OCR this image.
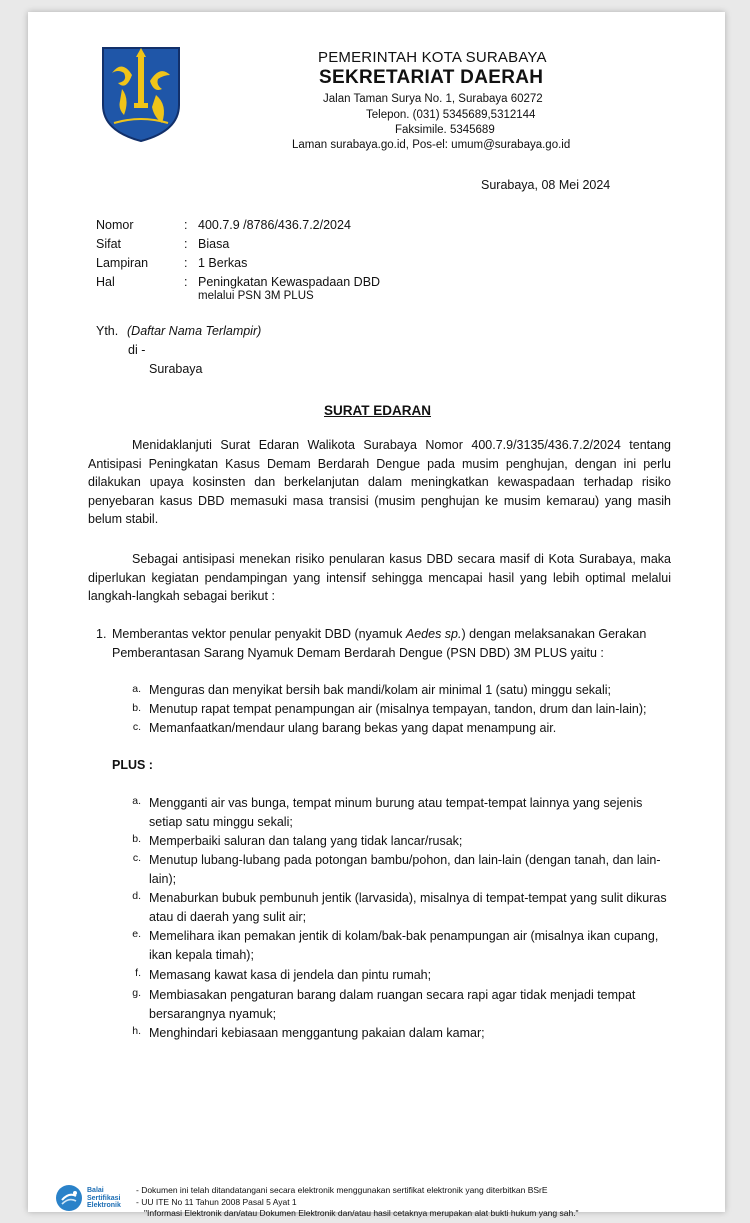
PEMERINTAH KOTA SURABAYA
SEKRETARIAT DAERAH
Jalan Taman Surya No. 1, Surabaya 60272
Telepon. (031) 5345689,5312144
Faksimile. 5345689
Laman surabaya.go.id, Pos-el: umum@surabaya.go.id
Surabaya, 08 Mei 2024
Nomor	: 400.7.9 /8786/436.7.2/2024
Sifat	: Biasa
Lampiran	: 1 Berkas
Hal	: Peningkatan Kewaspadaan DBD
melalui PSN 3M PLUS
Yth. (Daftar Nama Terlampir)
di -
Surabaya
SURAT EDARAN

Menidaklanjuti Surat Edaran Walikota Surabaya Nomor 400.7.9/3135/436.7.2/2024 tentang Antisipasi Peningkatan Kasus Demam Berdarah Dengue pada musim penghujan, dengan ini perlu dilakukan upaya kosinsten dan berkelanjutan dalam meningkatkan kewaspadaan terhadap risiko penyebaran kasus DBD memasuki masa transisi (musim penghujan ke musim kemarau) yang masih belum stabil.

Sebagai antisipasi menekan risiko penularan kasus DBD secara masif di Kota Surabaya, maka diperlukan kegiatan pendampingan yang intensif sehingga mencapai hasil yang lebih optimal melalui langkah-langkah sebagai berikut :

1. Memberantas vektor penular penyakit DBD (nyamuk Aedes sp.) dengan melaksanakan Gerakan
Pemberantasan Sarang Nyamuk Demam Berdarah Dengue (PSN DBD) 3M PLUS yaitu :
a. Menguras dan menyikat bersih bak mandi/kolam air minimal 1 (satu) minggu sekali;
b. Menutup rapat tempat penampungan air (misalnya tempayan, tandon, drum dan lain-lain);
c. Memanfaatkan/mendaur ulang barang bekas yang dapat menampung air.
PLUS :
a. Mengganti air vas bunga, tempat minum burung atau tempat-tempat lainnya yang sejenis setiap satu minggu sekali;
b. Memperbaiki saluran dan talang yang tidak lancar/rusak;
c. Menutup lubang-lubang pada potongan bambu/pohon, dan lain-lain (dengan tanah, dan lain-lain);
d. Menaburkan bubuk pembunuh jentik (larvasida), misalnya di tempat-tempat yang sulit dikuras atau di daerah yang sulit air;
e. Memelihara ikan pemakan jentik di kolam/bak-bak penampungan air (misalnya ikan cupang, ikan kepala timah);
f. Memasang kawat kasa di jendela dan pintu rumah;
g. Membiasakan pengaturan barang dalam ruangan secara rapi agar tidak menjadi tempat bersarangnya nyamuk;
h. Menghindari kebiasaan menggantung pakaian dalam kamar;
Balai Sertifikasi Elektronik
- Dokumen ini telah ditandatangani secara elektronik menggunakan sertifikat elektronik yang diterbitkan BSrE
- UU ITE No 11 Tahun 2008 Pasal 5 Ayat 1
"Informasi Elektronik dan/atau Dokumen Elektronik dan/atau hasil cetaknya merupakan alat bukti hukum yang sah."
